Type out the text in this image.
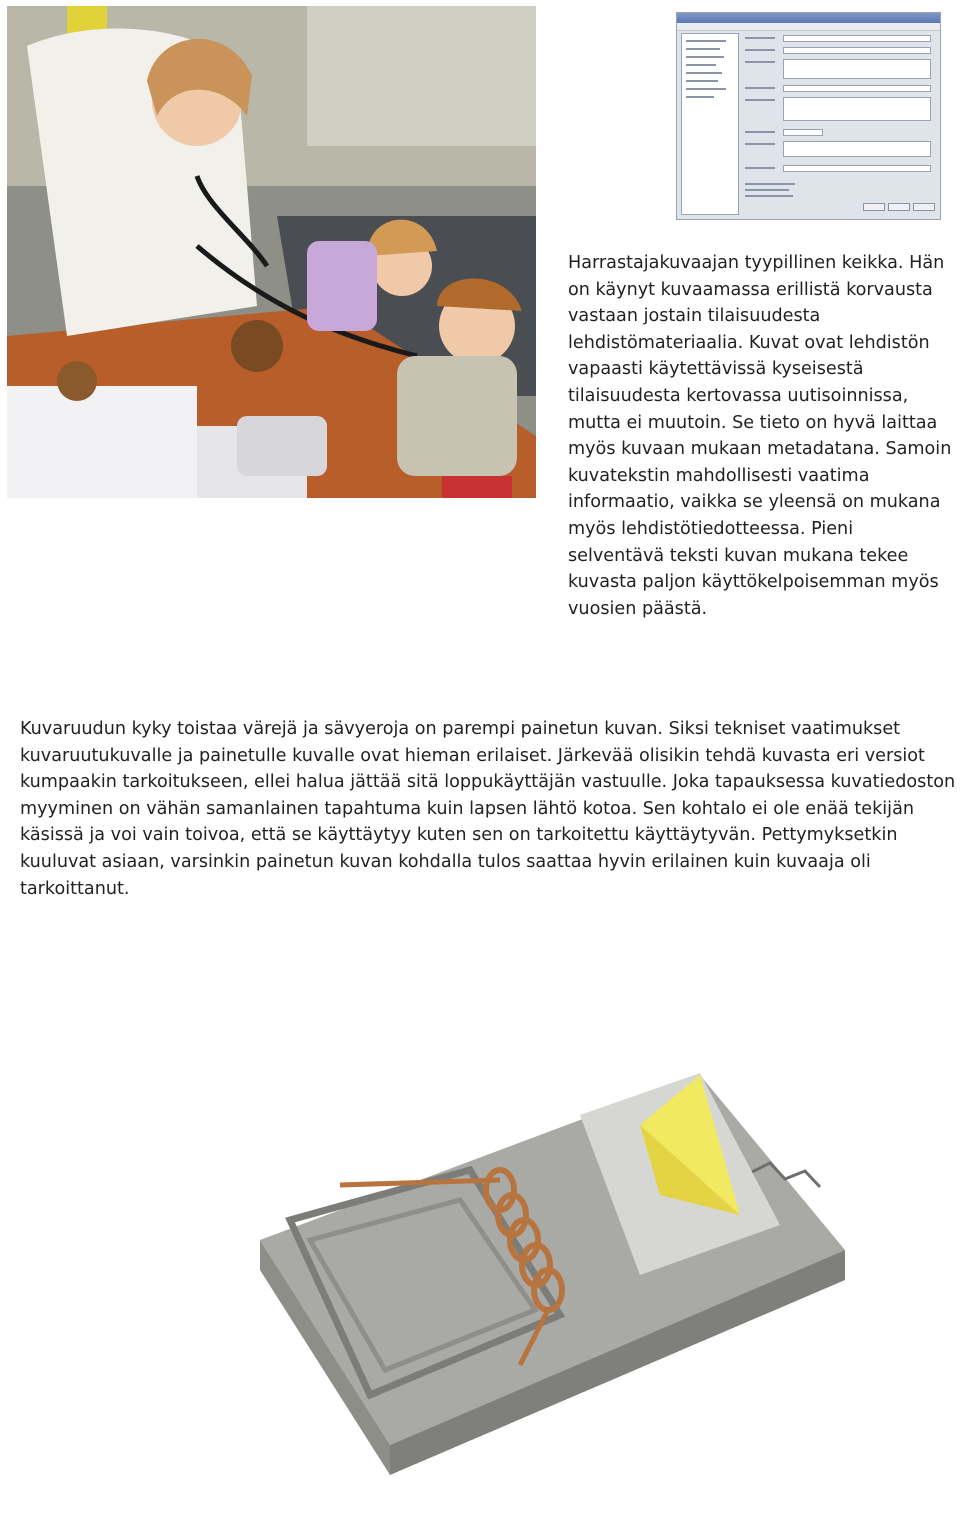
Harrastajakuvaajan tyypillinen keikka. Hän on käynyt kuvaamassa erillistä korvausta vastaan jostain tilaisuudesta lehdistömateriaalia. Kuvat ovat lehdistön vapaasti käytettävissä kyseisestä tilaisuudesta kertovassa uutisoinnissa, mutta ei muutoin. Se tieto on hyvä laittaa myös kuvaan mukaan metadatana. Samoin kuvatekstin mahdollisesti vaatima informaatio, vaikka se yleensä on mukana myös lehdistötiedotteessa. Pieni selventävä teksti kuvan mukana tekee kuvasta paljon käyttökelpoisemman myös vuosien päästä.

Kuvaruudun kyky toistaa värejä ja sävyeroja on parempi painetun kuvan. Siksi tekniset vaatimukset kuvaruutukuvalle ja painetulle kuvalle ovat hieman erilaiset. Järkevää olisikin tehdä kuvasta eri versiot kumpaakin tarkoitukseen, ellei halua jättää sitä loppukäyttäjän vastuulle. Joka tapauksessa kuvatiedoston myyminen on vähän samanlainen tapahtuma kuin lapsen lähtö kotoa. Sen kohtalo ei ole enää tekijän käsissä ja voi vain toivoa, että se käyttäytyy kuten sen on tarkoitettu käyttäytyvän. Pettymyksetkin kuuluvat asiaan, varsinkin painetun kuvan kohdalla tulos saattaa hyvin erilainen kuin kuvaaja oli tarkoittanut.
